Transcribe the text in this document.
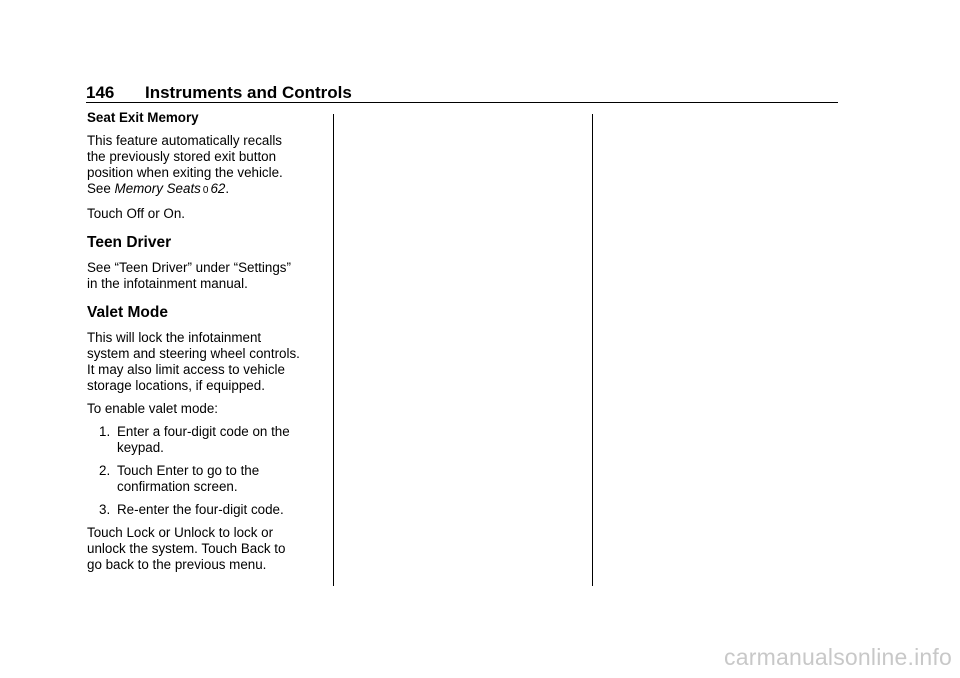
146 Instruments and Controls
Seat Exit Memory
This feature automatically recalls
the previously stored exit button
position when exiting the vehicle.
See Memory Seats 0 62.
Touch Off or On.
Teen Driver
See “Teen Driver” under “Settings”
in the infotainment manual.
Valet Mode
This will lock the infotainment
system and steering wheel controls.
It may also limit access to vehicle
storage locations, if equipped.
To enable valet mode:
1. Enter a four-digit code on the
keypad.
2. Touch Enter to go to the
confirmation screen.
3. Re-enter the four-digit code.
Touch Lock or Unlock to lock or
unlock the system. Touch Back to
go back to the previous menu.
carmanualsonline.info
